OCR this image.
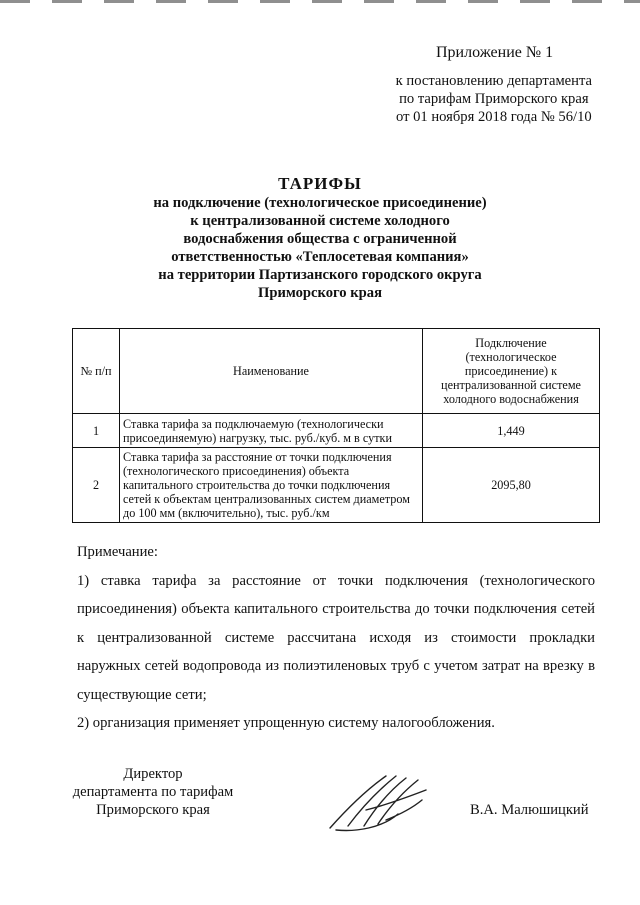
Приложение № 1
к постановлению департамента
по тарифам Приморского края
от 01 ноября 2018 года № 56/10
ТАРИФЫ
на подключение (технологическое присоединение)
к централизованной системе холодного
водоснабжения общества с ограниченной
ответственностью «Теплосетевая компания»
на территории Партизанского городского округа
Приморского края
№ п/п	Наименование	Подключение (технологическое присоединение) к централизованной системе холодного водоснабжения

1	Ставка тарифа за подключаемую (технологически присоединяемую) нагрузку, тыс. руб./куб. м в сутки	1,449
2	Ставка тарифа за расстояние от точки подключения (технологического присоединения) объекта капитального строительства до точки подключения сетей к объектам централизованных систем диаметром до 100 мм (включительно), тыс. руб./км	2095,80

Примечание:

1) ставка тарифа за расстояние от точки подключения (технологического присоединения) объекта капитального строительства до точки подключения сетей к централизованной системе рассчитана исходя из стоимости прокладки наружных сетей водопровода из полиэтиленовых труб с учетом затрат на врезку в существующие сети;

2) организация применяет упрощенную систему налогообложения.

Директор
департамента по тарифам
Приморского края	В.А. Малюшицкий
